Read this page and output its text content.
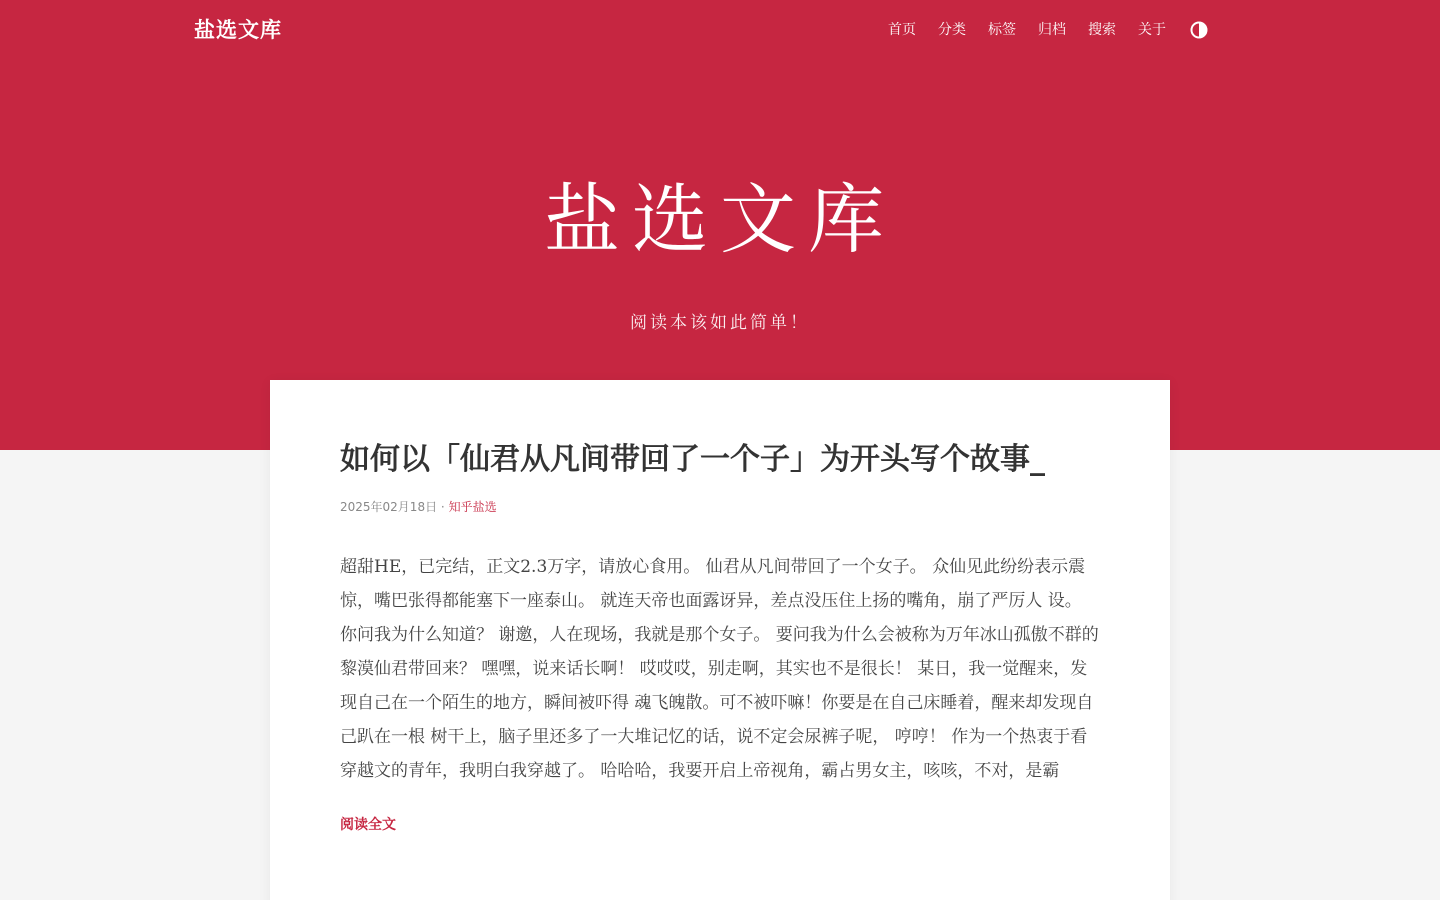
盐选文库	首页 分类 标签 归档 搜索 关于
盐选文库

阅读本该如此简单！

如何以「仙君从凡间带回了一个子」为开头写个故事_
2025年02月18日 · 知乎盐选

超甜HE，已完结，正文2.3万字，请放心食用。 仙君从凡间带回了一个女子。 众仙见此纷纷表示震惊，嘴巴张得都能塞下一座泰山。 就连天帝也面露讶异，差点没压住上扬的嘴角，崩了严厉人 设。 你问我为什么知道？ 谢邀，人在现场，我就是那个女子。 要问我为什么会被称为万年冰山孤傲不群的黎漠仙君带回来？ 嘿嘿，说来话长啊！ 哎哎哎，别走啊，其实也不是很长！ 某日，我一觉醒来，发现自己在一个陌生的地方，瞬间被吓得 魂飞魄散。可不被吓嘛！你要是在自己床睡着，醒来却发现自己趴在一根 树干上，脑子里还多了一大堆记忆的话，说不定会尿裤子呢， 哼哼！ 作为一个热衷于看穿越文的青年，我明白我穿越了。 哈哈哈，我要开启上帝视角，霸占男女主，咳咳，不对，是霸

阅读全文
